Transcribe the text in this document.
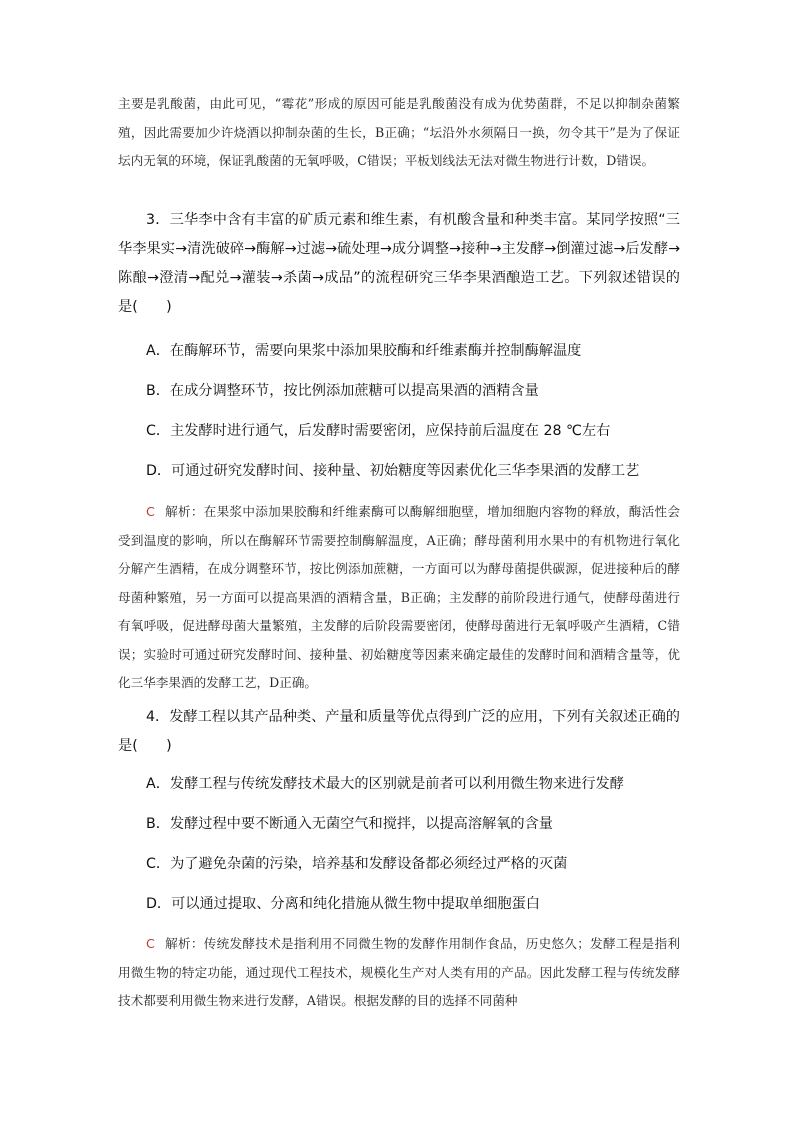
主要是乳酸菌，由此可见，“霉花”形成的原因可能是乳酸菌没有成为优势菌群，不足以抑制杂菌繁殖，因此需要加少许烧酒以抑制杂菌的生长，B正确；“坛沿外水须隔日一换，勿令其干”是为了保证坛内无氧的环境，保证乳酸菌的无氧呼吸，C错误；平板划线法无法对微生物进行计数，D错误。

3．三华李中含有丰富的矿质元素和维生素，有机酸含量和种类丰富。某同学按照“三华李果实→清洗破碎→酶解→过滤→硫处理→成分调整→接种→主发酵→倒灌过滤→后发酵→陈酿→澄清→配兑→灌装→杀菌→成品”的流程研究三华李果酒酿造工艺。下列叙述错误的是(　　)

A．在酶解环节，需要向果浆中添加果胶酶和纤维素酶并控制酶解温度

B．在成分调整环节，按比例添加蔗糖可以提高果酒的酒精含量

C．主发酵时进行通气，后发酵时需要密闭，应保持前后温度在 28 ℃左右

D．可通过研究发酵时间、接种量、初始糖度等因素优化三华李果酒的发酵工艺

C 解析：在果浆中添加果胶酶和纤维素酶可以酶解细胞壁，增加细胞内容物的释放，酶活性会受到温度的影响，所以在酶解环节需要控制酶解温度，A正确；酵母菌利用水果中的有机物进行氧化分解产生酒精，在成分调整环节，按比例添加蔗糖，一方面可以为酵母菌提供碳源，促进接种后的酵母菌种繁殖，另一方面可以提高果酒的酒精含量，B正确；主发酵的前阶段进行通气，使酵母菌进行有氧呼吸，促进酵母菌大量繁殖，主发酵的后阶段需要密闭，使酵母菌进行无氧呼吸产生酒精，C错误；实验时可通过研究发酵时间、接种量、初始糖度等因素来确定最佳的发酵时间和酒精含量等，优化三华李果酒的发酵工艺，D正确。

4．发酵工程以其产品种类、产量和质量等优点得到广泛的应用，下列有关叙述正确的是(　　)

A．发酵工程与传统发酵技术最大的区别就是前者可以利用微生物来进行发酵

B．发酵过程中要不断通入无菌空气和搅拌，以提高溶解氧的含量

C．为了避免杂菌的污染，培养基和发酵设备都必须经过严格的灭菌

D．可以通过提取、分离和纯化措施从微生物中提取单细胞蛋白

C 解析：传统发酵技术是指利用不同微生物的发酵作用制作食品，历史悠久；发酵工程是指利用微生物的特定功能，通过现代工程技术，规模化生产对人类有用的产品。因此发酵工程与传统发酵技术都要利用微生物来进行发酵，A错误。根据发酵的目的选择不同菌种
